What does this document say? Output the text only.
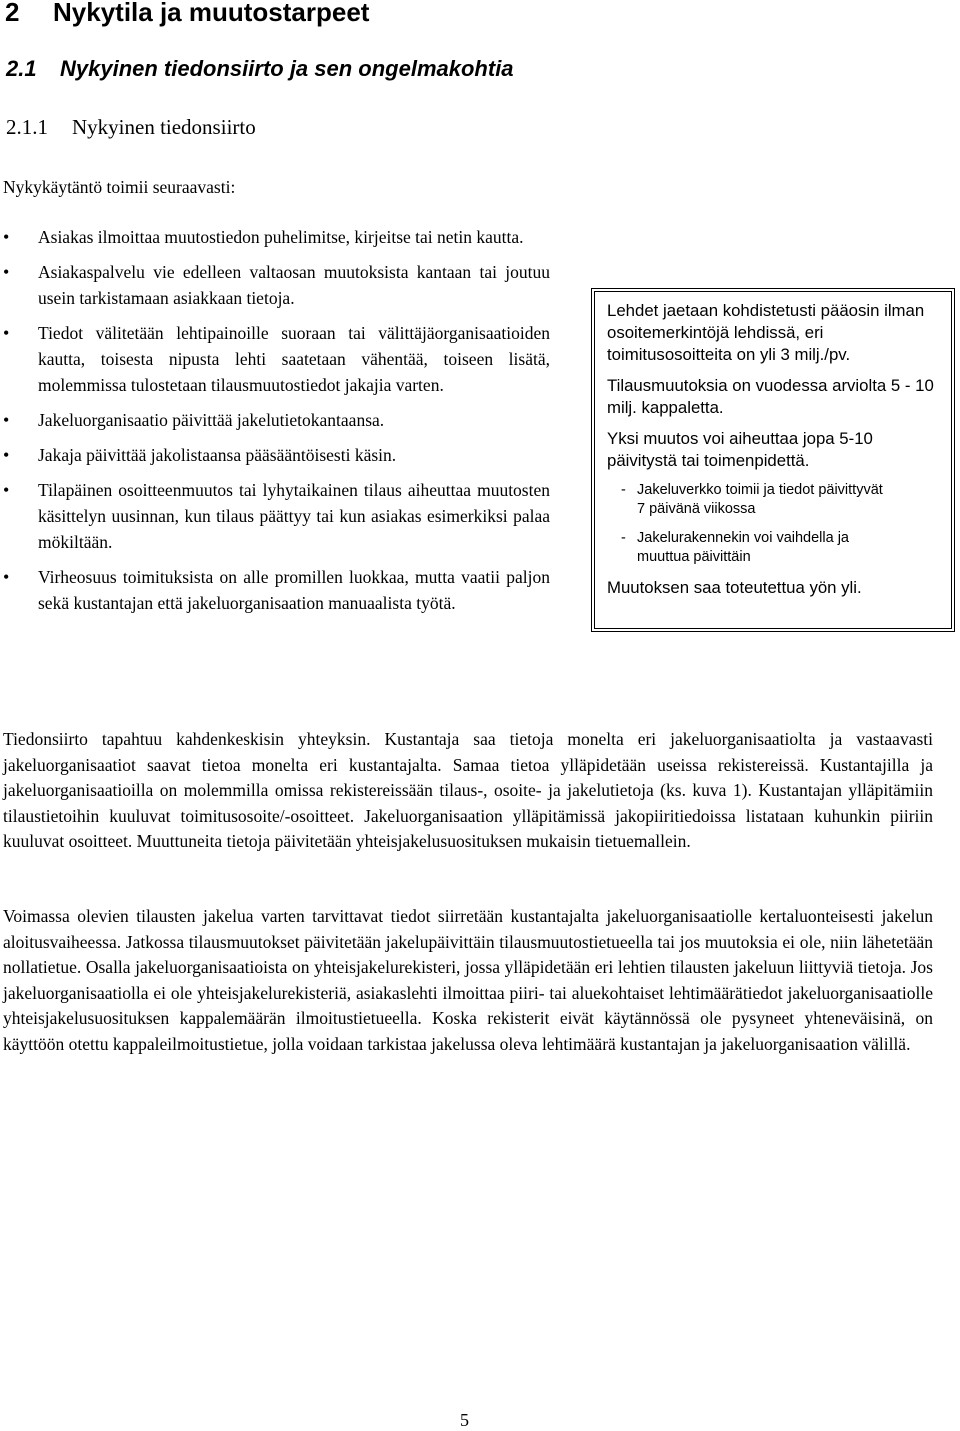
2 Nykytila ja muutostarpeet
2.1 Nykyinen tiedonsiirto ja sen ongelmakohtia
2.1.1 Nykyinen tiedonsiirto
Nykykäytäntö toimii seuraavasti:
• Asiakas ilmoittaa muutostiedon puhelimitse, kirjeitse tai netin kautta.
• Asiakaspalvelu vie edelleen valtaosan muutoksista kantaan tai joutuu usein tarkistamaan asiakkaan tietoja.
• Tiedot välitetään lehtipainoille suoraan tai välittäjäorganisaatioiden kautta, toisesta nipusta lehti saatetaan vähentää, toiseen lisätä, molemmissa tulostetaan tilausmuutostiedot jakajia varten.
• Jakeluorganisaatio päivittää jakelutietokantaansa.
• Jakaja päivittää jakolistaansa pääsääntöisesti käsin.
• Tilapäinen osoitteenmuutos tai lyhytaikainen tilaus aiheuttaa muutosten käsittelyn uusinnan, kun tilaus päättyy tai kun asiakas esimerkiksi palaa mökiltään.
• Virheosuus toimituksista on alle promillen luokkaa, mutta vaatii paljon sekä kustantajan että jakeluorganisaation manuaalista työtä.

Lehdet jaetaan kohdistetusti pääosin ilman osoitemerkintöjä lehdissä, eri toimitusosoitteita on yli 3 milj./pv.

Tilausmuutoksia on vuodessa arviolta 5 - 10 milj. kappaletta.

Yksi muutos voi aiheuttaa jopa 5-10 päivitystä tai toimenpidettä.

- Jakeluverkko toimii ja tiedot päivittyvät
7 päivänä viikossa
- Jakelurakennekin voi vaihdella ja
muuttua päivittäin

Muutoksen saa toteutettua yön yli.

Tiedonsiirto tapahtuu kahdenkeskisin yhteyksin. Kustantaja saa tietoja monelta eri jakeluorganisaatiolta ja vastaavasti jakeluorganisaatiot saavat tietoa monelta eri kustantajalta. Samaa tietoa ylläpidetään useissa rekistereissä. Kustantajilla ja jakeluorganisaatioilla on molemmilla omissa rekistereissään tilaus-, osoite- ja jakelutietoja (ks. kuva 1). Kustantajan ylläpitämiin tilaustietoihin kuuluvat toimitusosoite/-osoitteet. Jakeluorganisaation ylläpitämissä jakopiiritiedoissa listataan kuhunkin piiriin kuuluvat osoitteet. Muuttuneita tietoja päivitetään yhteisjakelusuosituksen mukaisin tietuemallein.

Voimassa olevien tilausten jakelua varten tarvittavat tiedot siirretään kustantajalta jakeluorganisaatiolle kertaluonteisesti jakelun aloitusvaiheessa. Jatkossa tilausmuutokset päivitetään jakelupäivittäin tilausmuutostietueella tai jos muutoksia ei ole, niin lähetetään nollatietue. Osalla jakeluorganisaatioista on yhteisjakelurekisteri, jossa ylläpidetään eri lehtien tilausten jakeluun liittyviä tietoja. Jos jakeluorganisaatiolla ei ole yhteisjakelurekisteriä, asiakaslehti ilmoittaa piiri- tai aluekohtaiset lehtimäärätiedot jakeluorganisaatiolle yhteisjakelusuosituksen kappalemäärän ilmoitustietueella. Koska rekisterit eivät käytännössä ole pysyneet yhteneväisinä, on käyttöön otettu kappaleilmoitustietue, jolla voidaan tarkistaa jakelussa oleva lehtimäärä kustantajan ja jakeluorganisaation välillä.

5
